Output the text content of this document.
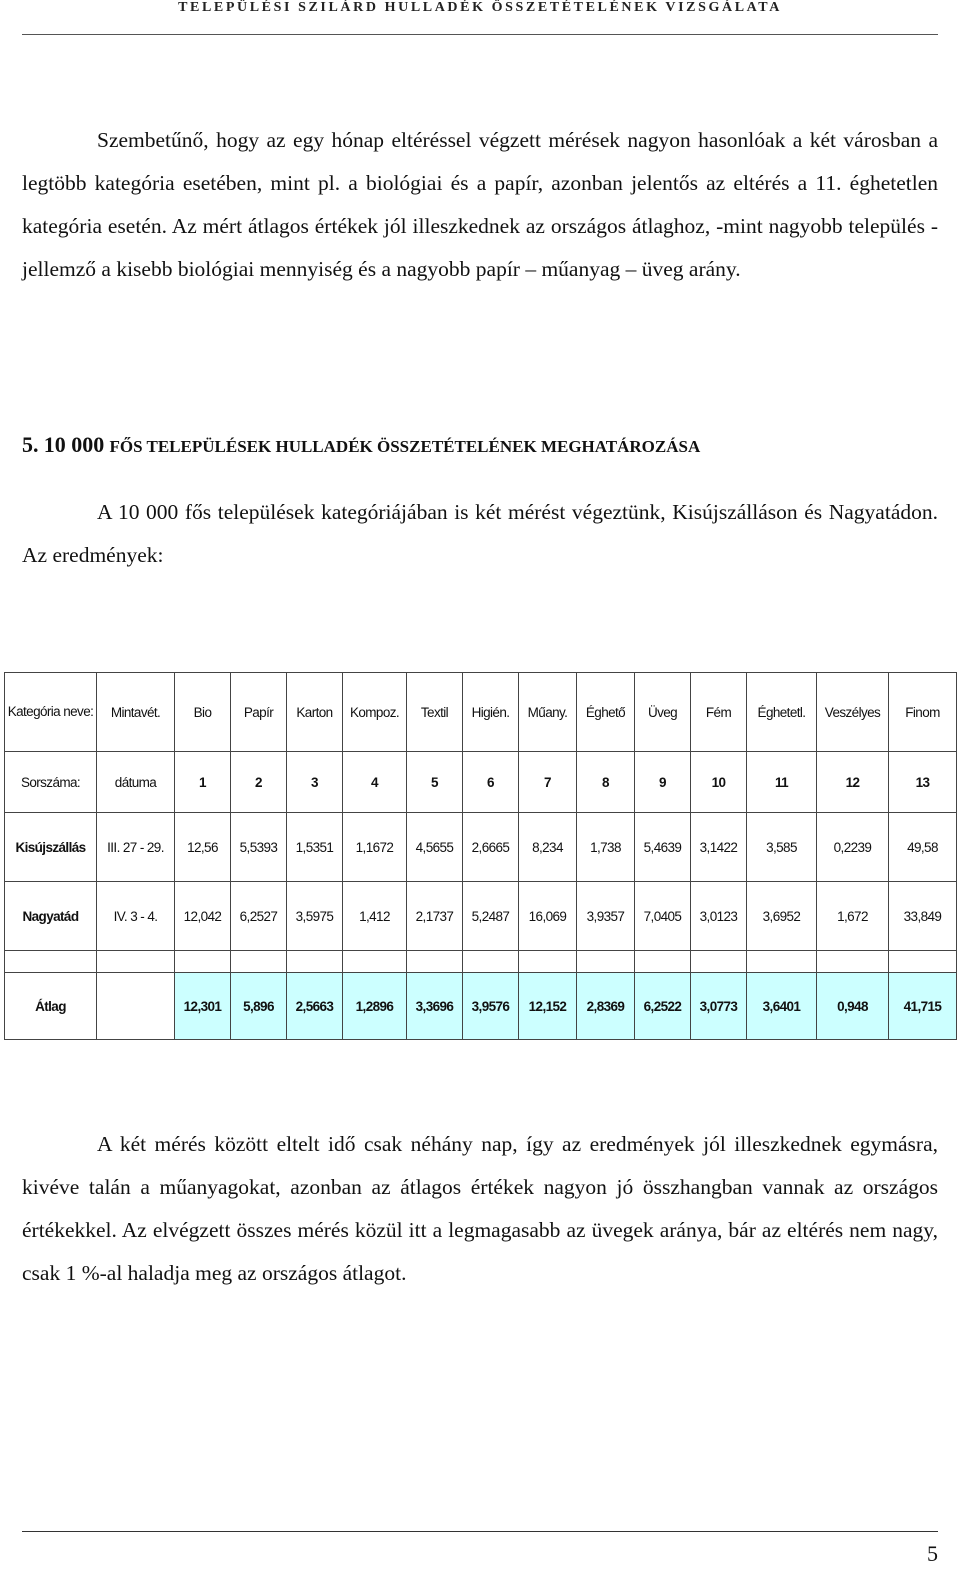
TELEPÜLÉSI SZILÁRD HULLADÉK ÖSSZETÉTELÉNEK VIZSGÁLATA

Szembetűnő, hogy az egy hónap eltéréssel végzett mérések nagyon hasonlóak a két városban a legtöbb kategória esetében, mint pl. a biológiai és a papír, azonban jelentős az eltérés a 11. éghetetlen kategória esetén. Az mért átlagos értékek jól illeszkednek az országos átlaghoz, -mint nagyobb település - jellemző a kisebb biológiai mennyiség és a nagyobb papír – műanyag – üveg arány.

5. 10 000 FŐS TELEPÜLÉSEK HULLADÉK ÖSSZETÉTELÉNEK MEGHATÁROZÁSA

A 10 000 fős települések kategóriájában is két mérést végeztünk, Kisújszálláson és Nagyatádon. Az eredmények:

Kategória neve:	Mintavét.	Bio	Papír	Karton	Kompoz.	Textil	Higién.	Műany.	Éghető	Üveg	Fém	Éghetetl.	Veszélyes	Finom
Sorszáma:	dátuma	1	2	3	4	5	6	7	8	9	10	11	12	13
Kisújszállás	III. 27 - 29.	12,56	5,5393	1,5351	1,1672	4,5655	2,6665	8,234	1,738	5,4639	3,1422	3,585	0,2239	49,58
Nagyatád	IV. 3 - 4.	12,042	6,2527	3,5975	1,412	2,1737	5,2487	16,069	3,9357	7,0405	3,0123	3,6952	1,672	33,849

Átlag		12,301	5,896	2,5663	1,2896	3,3696	3,9576	12,152	2,8369	6,2522	3,0773	3,6401	0,948	41,715

A két mérés között eltelt idő csak néhány nap, így az eredmények jól illeszkednek egymásra, kivéve talán a műanyagokat, azonban az átlagos értékek nagyon jó összhangban vannak az országos értékekkel. Az elvégzett összes mérés közül itt a legmagasabb az üvegek aránya, bár az eltérés nem nagy, csak 1 %-al haladja meg az országos átlagot.

5
